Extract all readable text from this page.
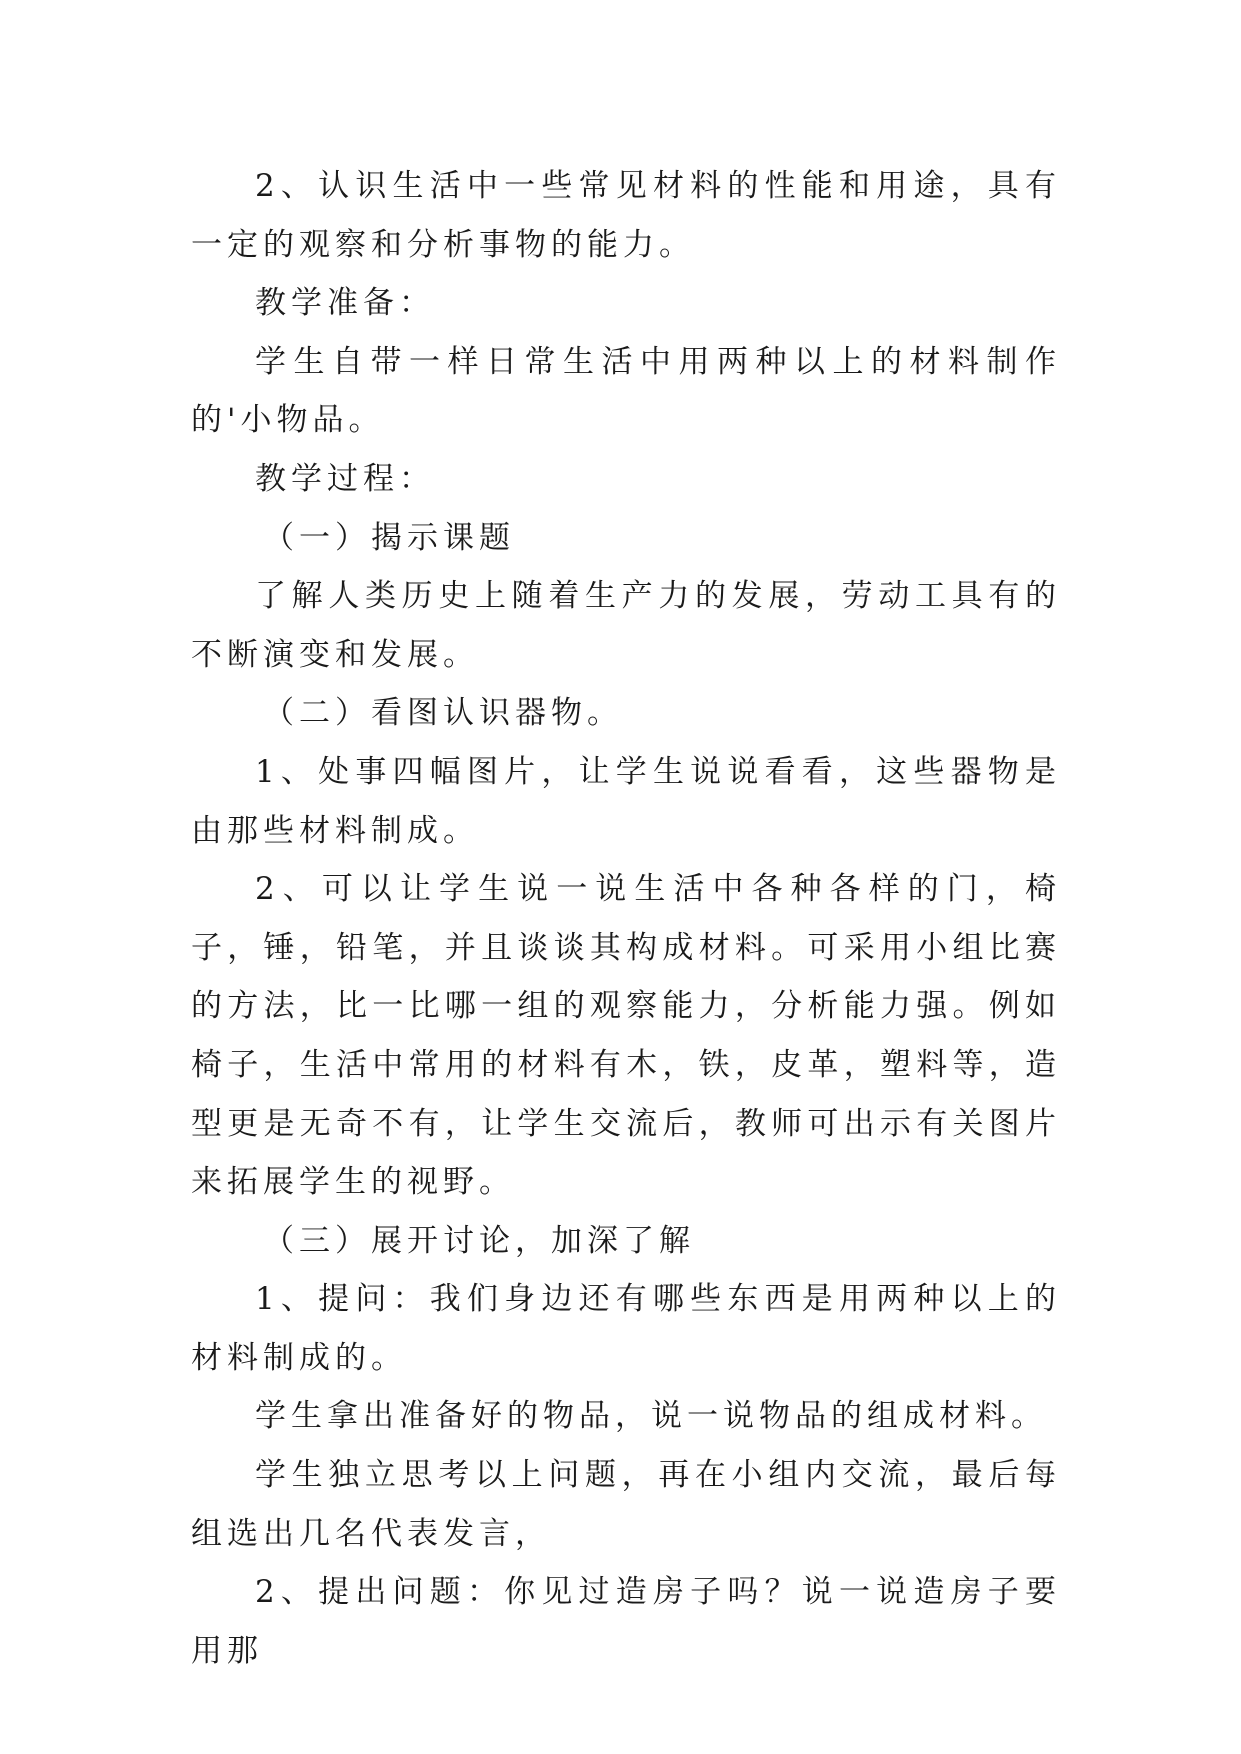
2、认识生活中一些常见材料的性能和用途，具有一定的观察和分析事物的能力。

教学准备：

学生自带一样日常生活中用两种以上的材料制作的'小物品。

教学过程：

（一）揭示课题

了解人类历史上随着生产力的发展，劳动工具有的不断演变和发展。

（二）看图认识器物。

1、处事四幅图片，让学生说说看看，这些器物是由那些材料制成。

2、可以让学生说一说生活中各种各样的门，椅子，锤，铅笔，并且谈谈其构成材料。可采用小组比赛的方法，比一比哪一组的观察能力，分析能力强。例如椅子，生活中常用的材料有木，铁，皮革，塑料等，造型更是无奇不有，让学生交流后，教师可出示有关图片来拓展学生的视野。

（三）展开讨论，加深了解

1、提问：我们身边还有哪些东西是用两种以上的材料制成的。

学生拿出准备好的物品，说一说物品的组成材料。

学生独立思考以上问题，再在小组内交流，最后每组选出几名代表发言，

2、提出问题：你见过造房子吗？说一说造房子要用那
